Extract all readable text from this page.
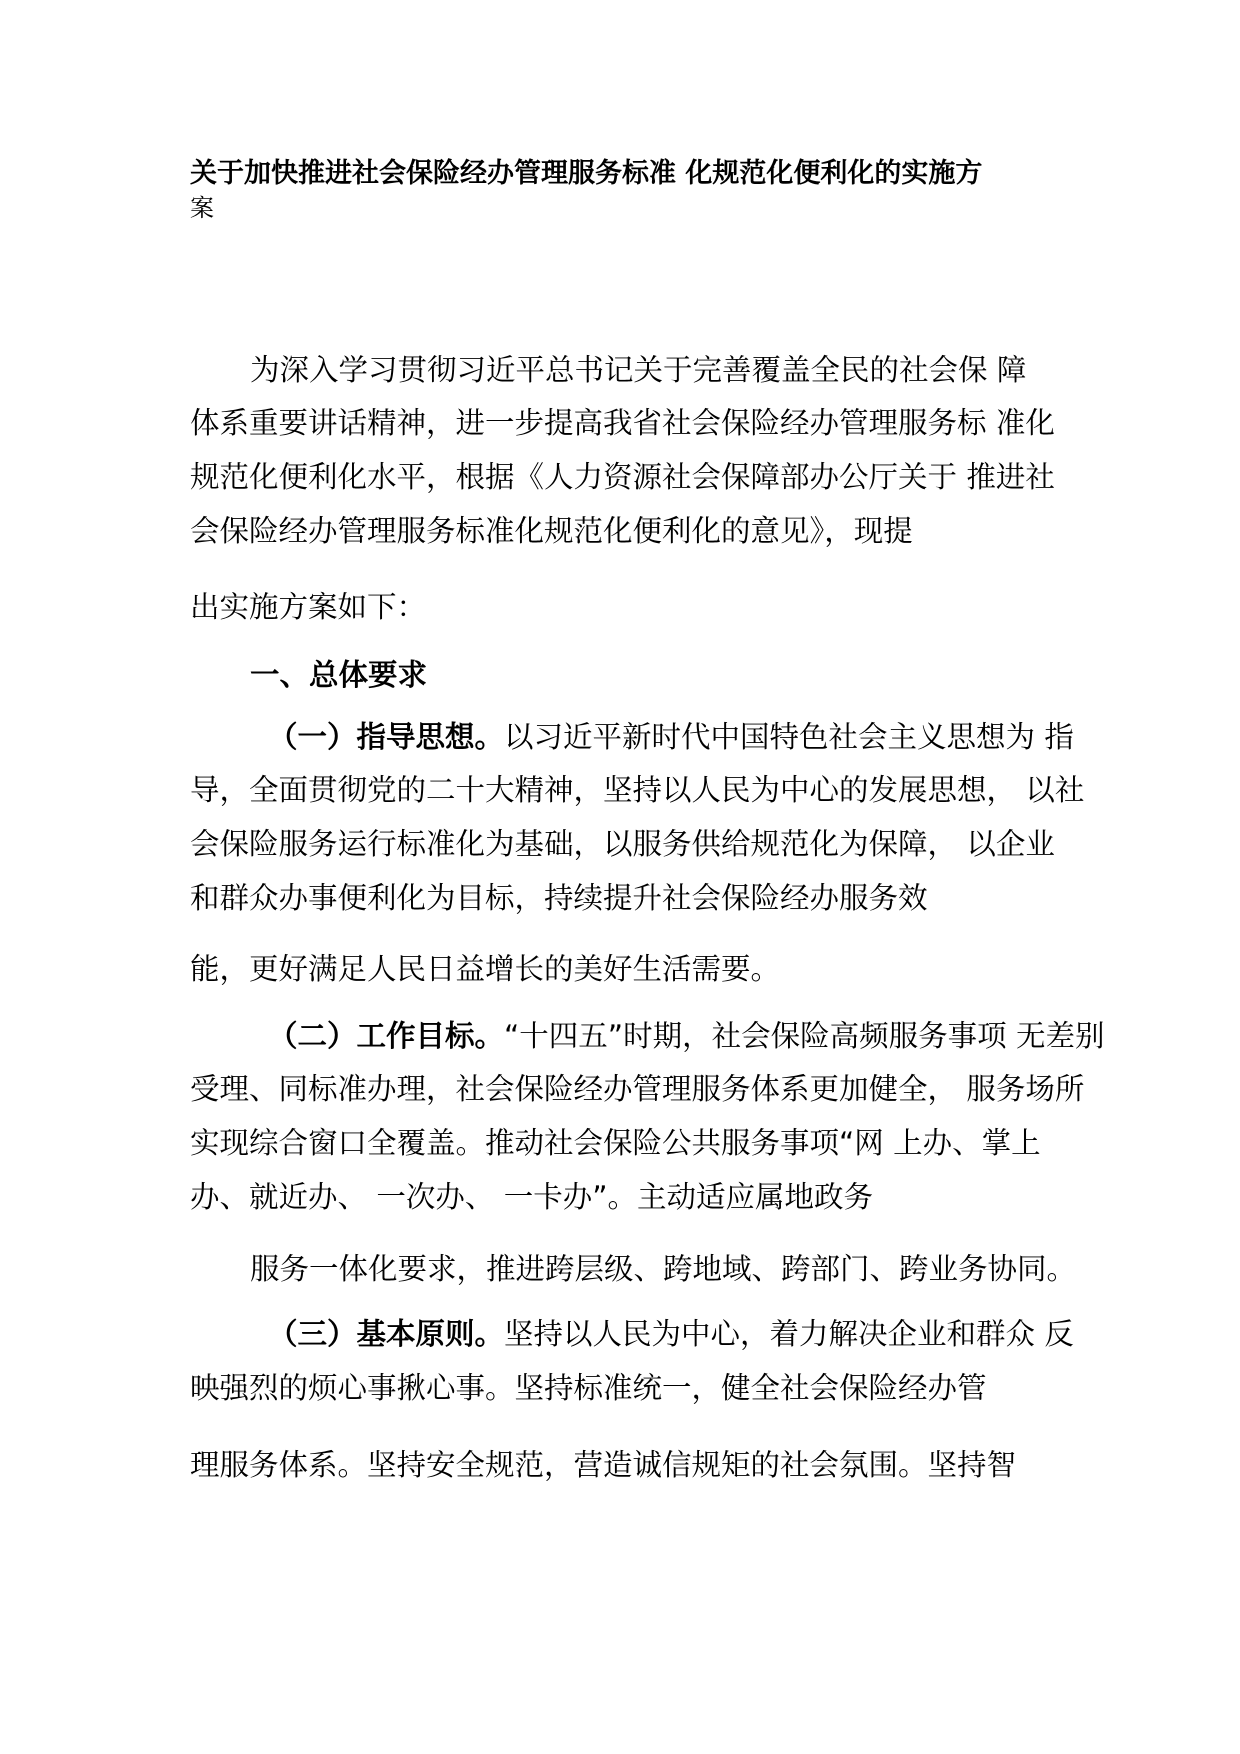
关于加快推进社会保险经办管理服务标准 化规范化便利化的实施方
案
为深入学习贯彻习近平总书记关于完善覆盖全民的社会保 障
体系重要讲话精神，进一步提高我省社会保险经办管理服务标 准化
规范化便利化水平，根据《人力资源社会保障部办公厅关于 推进社
会保险经办管理服务标准化规范化便利化的意见》，现提
出实施方案如下：
一、总体要求
（一）指导思想。以习近平新时代中国特色社会主义思想为 指
导，全面贯彻党的二十大精神，坚持以人民为中心的发展思想， 以社
会保险服务运行标准化为基础，以服务供给规范化为保障， 以企业
和群众办事便利化为目标，持续提升社会保险经办服务效
能，更好满足人民日益增长的美好生活需要。
（二）工作目标。“十四五”时期，社会保险高频服务事项 无差别
受理、同标准办理，社会保险经办管理服务体系更加健全， 服务场所
实现综合窗口全覆盖。推动社会保险公共服务事项“网 上办、掌上
办、就近办、 一次办、 一卡办”。主动适应属地政务
服务一体化要求，推进跨层级、跨地域、跨部门、跨业务协同。
（三）基本原则。坚持以人民为中心，着力解决企业和群众 反
映强烈的烦心事揪心事。坚持标准统一，健全社会保险经办管
理服务体系。坚持安全规范，营造诚信规矩的社会氛围。坚持智
